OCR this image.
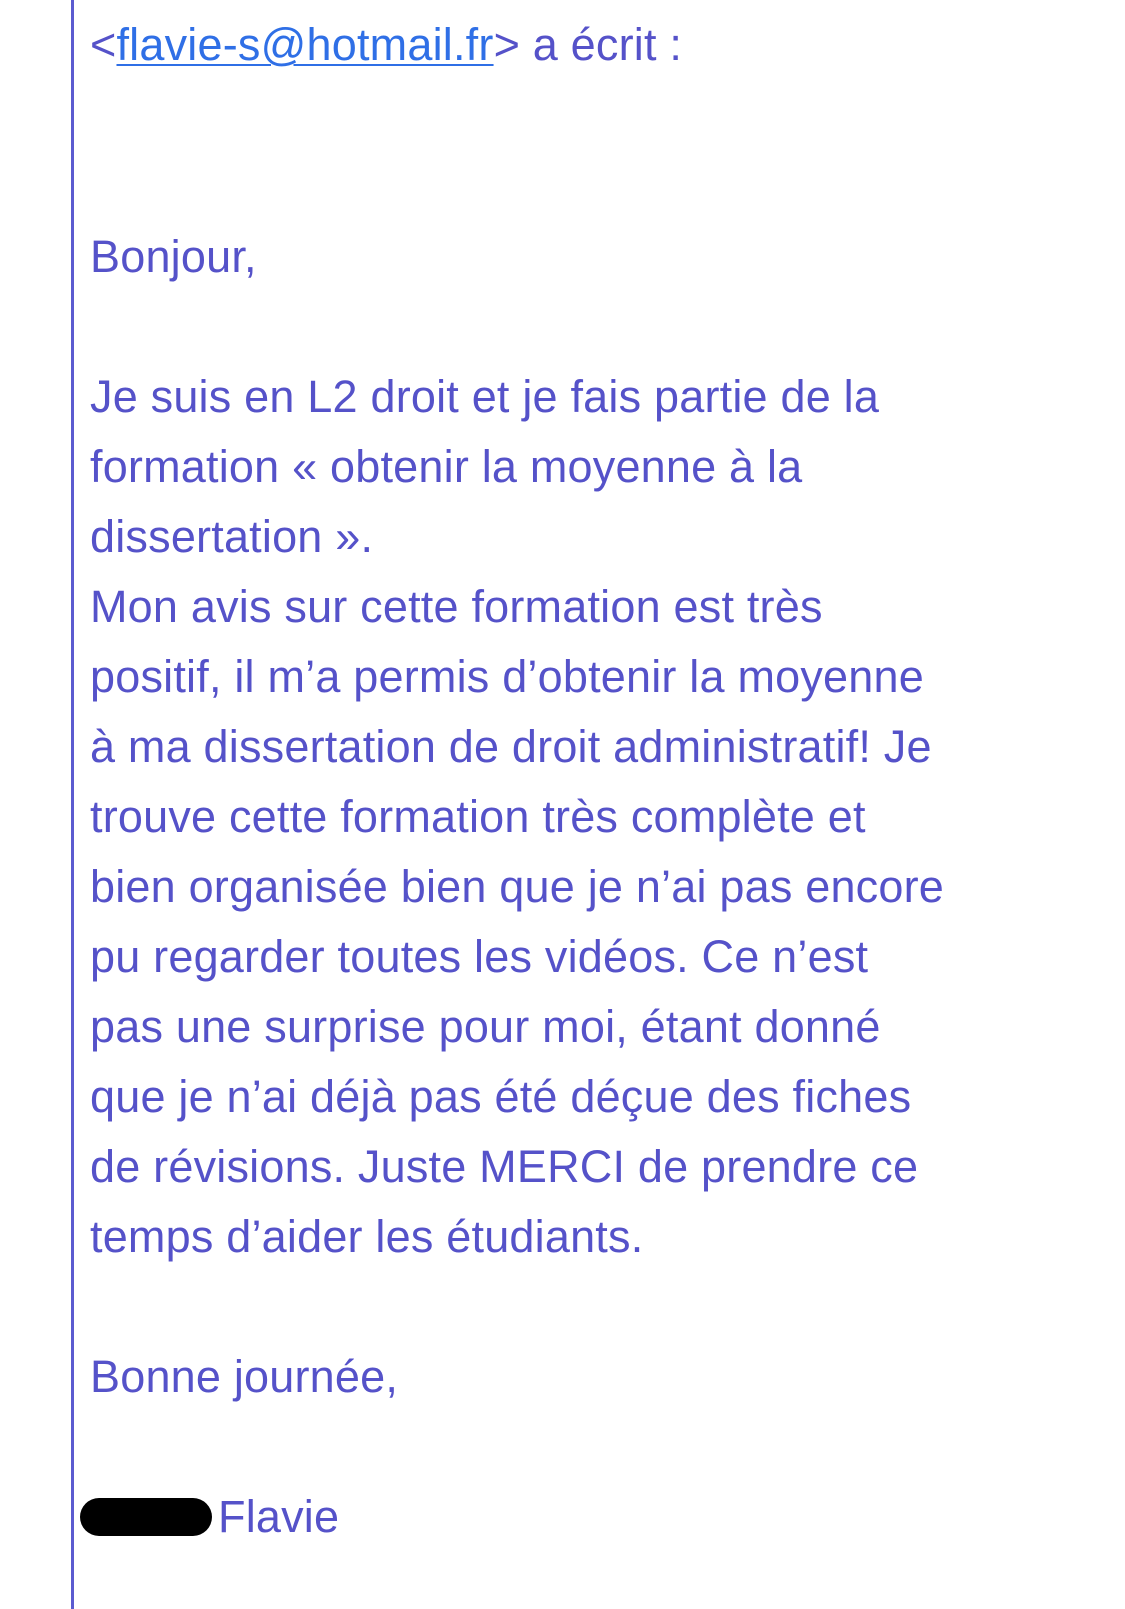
<flavie-s@hotmail.fr> a écrit :
Bonjour,
Je suis en L2 droit et je fais partie de la
formation « obtenir la moyenne à la
dissertation ».
Mon avis sur cette formation est très
positif, il m’a permis d’obtenir la moyenne
à ma dissertation de droit administratif! Je
trouve cette formation très complète et
bien organisée bien que je n’ai pas encore
pu regarder toutes les vidéos. Ce n’est
pas une surprise pour moi, étant donné
que je n’ai déjà pas été déçue des fiches
de révisions. Juste MERCI de prendre ce
temps d’aider les étudiants.
Bonne journée,
Flavie
